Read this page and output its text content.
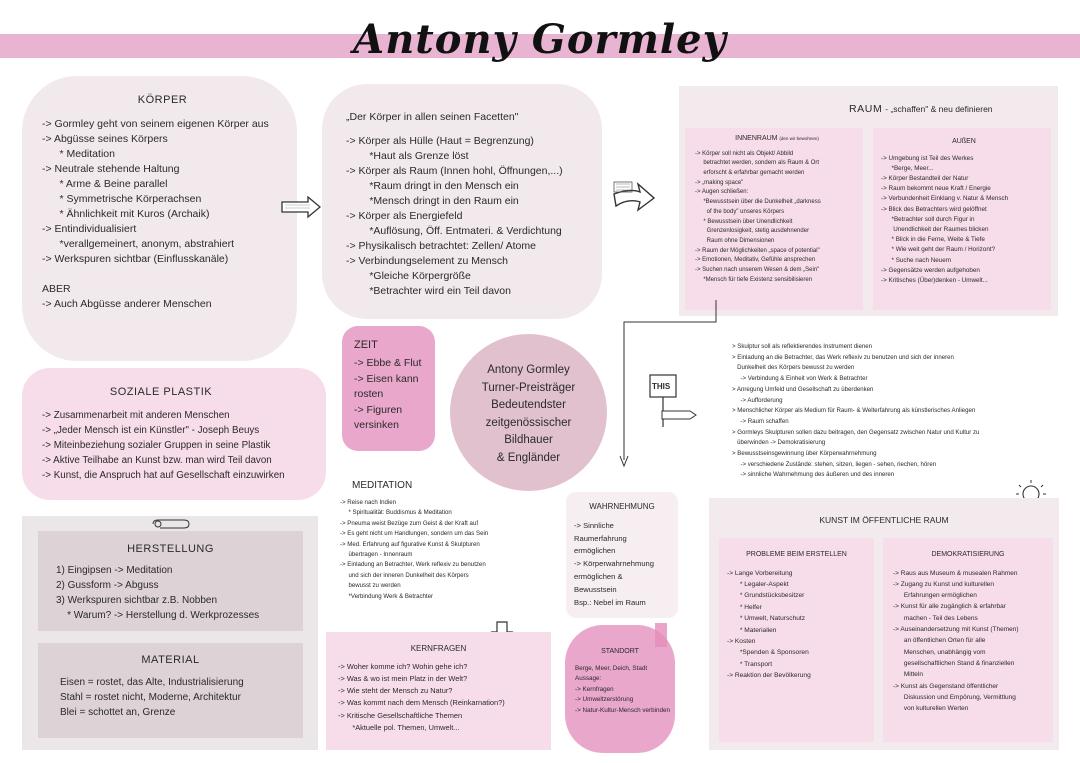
Antony Gormley
KÖRPER
-> Gormley geht von seinem eigenen Körper aus
-> Abgüsse seines Körpers
* Meditation
-> Neutrale stehende Haltung
* Arme & Beine parallel
* Symmetrische Körperachsen
* Ähnlichkeit mit Kuros (Archaik)
-> Entindividualisiert
*verallgemeinert, anonym, abstrahiert
-> Werkspuren sichtbar (Einflusskanäle)
ABER
-> Auch Abgüsse anderer Menschen
„Der Körper in allen seinen Facetten"
-> Körper als Hülle (Haut = Begrenzung)
*Haut als Grenze löst
-> Körper als Raum (Innen hohl, Öffnungen,...)
*Raum dringt in den Mensch ein
*Mensch dringt in den Raum ein
-> Körper als Energiefeld
*Auflösung, Öff. Entmateri. & Verdichtung
-> Physikalisch betrachtet: Zellen/ Atome
-> Verbindungselement zu Mensch
*Gleiche Körpergröße
*Betrachter wird ein Teil davon
RAUM - „schaffen" & neu definieren
INNENRAUM (den wir bewohnen)
-> Körper soll nicht als Objekt/ Abbild
betrachtet werden, sondern als Raum & Ort
erforscht & erfahrbar gemacht werden
-> „making space"
-> Augen schließen:
*Bewusstsein über die Dunkelheit „darkness
of the body" unseres Körpers
* Bewusstsein über Unendlichkeit
Grenzenlosigkeit, stetig ausdehnender
Raum ohne Dimensionen
-> Raum der Möglichkeiten „space of potential"
-> Emotionen, Meditativ, Gefühle ansprechen
-> Suchen nach unserem Wesen & dem „Sein"
*Mensch für tiefe Existenz sensibilisieren
AUßEN
-> Umgebung ist Teil des Werkes
*Berge, Meer...
-> Körper Bestandteil der Natur
-> Raum bekommt neue Kraft / Energie
-> Verbundenheit Einklang v. Natur & Mensch
-> Blick des Betrachters wird gelöffnet
*Betrachter soll durch Figur in
Unendlichkeit der Raumes blicken
* Blick in die Ferne, Weite & Tiefe
* Wie weit geht der Raum / Horizont?
* Suche nach Neuem
-> Gegensätze werden aufgehoben
-> Kritisches (Über)denken - Umwelt...
THIS
> Skulptur soll als reflektierendes Instrument dienen
> Einladung an die Betrachter, das Werk reflexiv zu benutzen und sich der inneren
Dunkelheit des Körpers bewusst zu werden
-> Verbindung & Einheit von Werk & Betrachter
> Anregung Umfeld und Gesellschaft zu überdenken
-> Aufforderung
> Menschlicher Körper als Medium für Raum- & Welterfahrung als künstlerisches Anliegen
-> Raum schaffen
> Gormleys Skulpturen sollen dazu beitragen, den Gegensatz zwischen Natur und Kultur zu
überwinden -> Demokratisierung
> Bewusstseinsgewinnung über Körperwahrnehmung
-> verschiedene Zustände: stehen, sitzen, liegen - sehen, riechen, hören
-> sinnliche Wahrnehmung des äußeren und des inneren
SOZIALE PLASTIK
-> Zusammenarbeit mit anderen Menschen
-> „Jeder Mensch ist ein Künstler" - Joseph Beuys
-> Miteinbeziehung sozialer Gruppen in seine Plastik
-> Aktive Teilhabe an Kunst bzw. man wird Teil davon
-> Kunst, die Anspruch hat auf Gesellschaft einzuwirken
ZEIT
-> Ebbe & Flut
-> Eisen kann
rosten
-> Figuren
versinken
Antony Gormley
Turner-Preisträger
Bedeutendster
zeitgenössischer
Bildhauer
& Engländer
MEDITATION
-> Reise nach Indien
* Spiritualität: Buddismus & Meditation
-> Pneuma weist Bezüge zum Geist & der Kraft auf
-> Es geht nicht um Handlungen, sondern um das Sein
-> Med. Erfahrung auf figurative Kunst & Skulpturen
übertragen - Innenraum
-> Einladung an Betrachter, Werk reflexiv zu benutzen
und sich der inneren Dunkelheit des Körpers
bewusst zu werden
*Verbindung Werk & Betrachter
WAHRNEHMUNG
-> Sinnliche
Raumerfahrung
ermöglichen
-> Körperwahrnehmung
ermöglichen &
Bewusstsein
Bsp.: Nebel im Raum
HERSTELLUNG
1) Eingipsen -> Meditation
2) Gussform -> Abguss
3) Werkspuren sichtbar z.B. Nobben
* Warum? -> Herstellung d. Werkprozesses
MATERIAL
Eisen = rostet, das Alte, Industrialisierung
Stahl = rostet nicht, Moderne, Architektur
Blei = schottet an, Grenze
KERNFRAGEN
-> Woher komme ich? Wohin gehe ich?
-> Was & wo ist mein Platz in der Welt?
-> Wie steht der Mensch zu Natur?
-> Was kommt nach dem Mensch (Reinkarnation?)
-> Kritische Gesellschaftliche Themen
*Aktuelle pol. Themen, Umwelt...
STANDORT
Berge, Meer, Deich, Stadt
Aussage:
-> Kernfragen
-> Umweltzerstörung
-> Natur-Kultur-Mensch verbinden
KUNST IM ÖFFENTLICHE RAUM
PROBLEME BEIM ERSTELLEN
-> Lange Vorbereitung
* Legaler-Aspekt
* Grundstücksbesitzer
* Helfer
* Umwelt, Naturschutz
* Materialien
-> Kosten
*Spenden & Sponsoren
* Transport
-> Reaktion der Bevölkerung
DEMOKRATISIERUNG
-> Raus aus Museum & musealen Rahmen
-> Zugang zu Kunst und kulturellen
Erfahrungen ermöglichen
-> Kunst für alle zugänglich & erfahrbar
machen - Teil des Lebens
-> Auseinandersetzung mit Kunst (Themen)
an öffentlichen Orten für alle
Menschen, unabhängig vom
gesellschaftlichen Stand & finanziellen
Mitteln
-> Kunst als Gegenstand öffentlicher
Diskussion und Empörung, Vermittlung
von kulturellen Werten
